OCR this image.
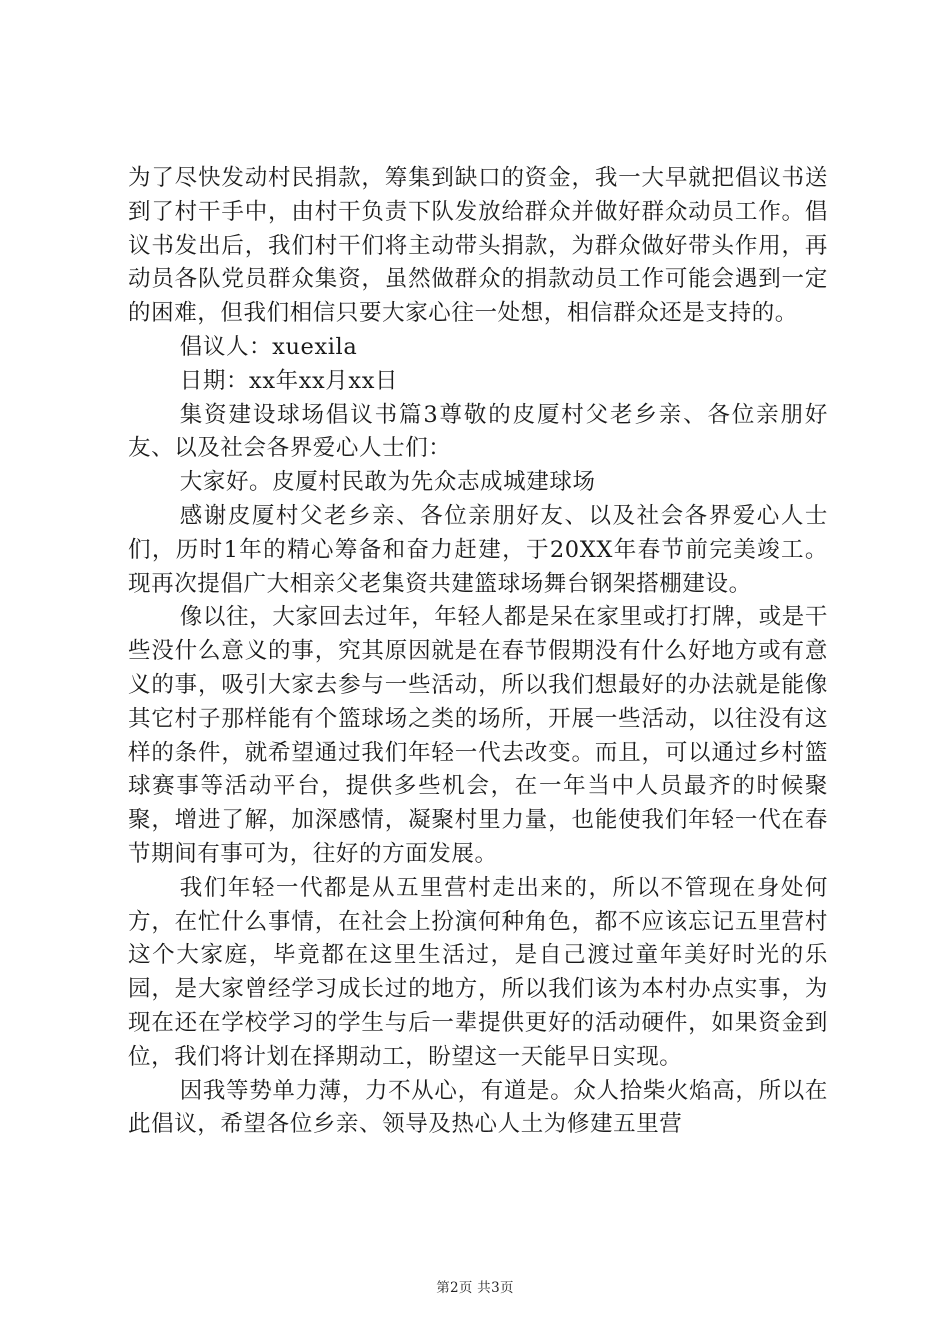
为了尽快发动村民捐款，筹集到缺口的资金，我一大早就把倡议书送到了村干手中，由村干负责下队发放给群众并做好群众动员工作。倡议书发出后，我们村干们将主动带头捐款，为群众做好带头作用，再动员各队党员群众集资，虽然做群众的捐款动员工作可能会遇到一定的困难，但我们相信只要大家心往一处想，相信群众还是支持的。

倡议人：xuexila

日期：xx年xx月xx日

集资建设球场倡议书篇3尊敬的皮厦村父老乡亲、各位亲朋好友、以及社会各界爱心人士们：

大家好。皮厦村民敢为先众志成城建球场

感谢皮厦村父老乡亲、各位亲朋好友、以及社会各界爱心人士们，历时1年的精心筹备和奋力赶建，于20XX年春节前完美竣工。现再次提倡广大相亲父老集资共建篮球场舞台钢架搭棚建设。

像以往，大家回去过年，年轻人都是呆在家里或打打牌，或是干些没什么意义的事，究其原因就是在春节假期没有什么好地方或有意义的事，吸引大家去参与一些活动，所以我们想最好的办法就是能像其它村子那样能有个篮球场之类的场所，开展一些活动，以往没有这样的条件，就希望通过我们年轻一代去改变。而且，可以通过乡村篮球赛事等活动平台，提供多些机会，在一年当中人员最齐的时候聚聚，增进了解，加深感情，凝聚村里力量，也能使我们年轻一代在春节期间有事可为，往好的方面发展。

我们年轻一代都是从五里营村走出来的，所以不管现在身处何方，在忙什么事情，在社会上扮演何种角色，都不应该忘记五里营村这个大家庭，毕竟都在这里生活过，是自己渡过童年美好时光的乐园，是大家曾经学习成长过的地方，所以我们该为本村办点实事，为现在还在学校学习的学生与后一辈提供更好的活动硬件，如果资金到位，我们将计划在择期动工，盼望这一天能早日实现。

因我等势单力薄，力不从心，有道是。众人拾柴火焰高，所以在此倡议，希望各位乡亲、领导及热心人土为修建五里营

第2页 共3页
